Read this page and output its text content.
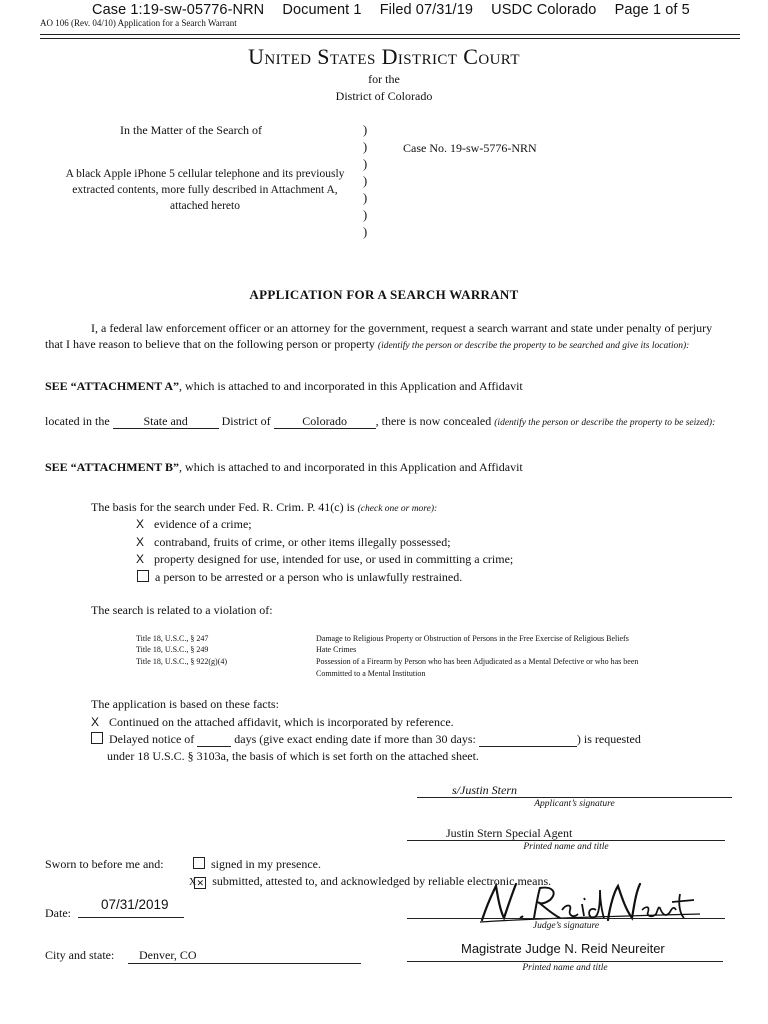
Case 1:19-sw-05776-NRN Document 1 Filed 07/31/19 USDC Colorado Page 1 of 5
AO 106 (Rev. 04/10) Application for a Search Warrant
United States District Court
for the
District of Colorado
In the Matter of the Search of
A black Apple iPhone 5 cellular telephone and its previously extracted contents, more fully described in Attachment A, attached hereto
)
)
)
)
)
)
)
Case No. 19-sw-5776-NRN
APPLICATION FOR A SEARCH WARRANT
I, a federal law enforcement officer or an attorney for the government, request a search warrant and state under penalty of perjury that I have reason to believe that on the following person or property (identify the person or describe the property to be searched and give its location):
SEE “ATTACHMENT A”, which is attached to and incorporated in this Application and Affidavit
located in the	State and	District of	Colorado , there is now concealed (identify the person or describe the property to be seized):
SEE “ATTACHMENT B”, which is attached to and incorporated in this Application and Affidavit
The basis for the search under Fed. R. Crim. P. 41(c) is (check one or more):
X evidence of a crime;
X contraband, fruits of crime, or other items illegally possessed;
X property designed for use, intended for use, or used in committing a crime;
a person to be arrested or a person who is unlawfully restrained.
The search is related to a violation of:
Title 18, U.S.C., § 247	Damage to Religious Property or Obstruction of Persons in the Free Exercise of Religious Beliefs
Title 18, U.S.C., § 249	Hate Crimes
Title 18, U.S.C., § 922(g)(4)	Possession of a Firearm by Person who has been Adjudicated as a Mental Defective or who has been
Committed to a Mental Institution
The application is based on these facts:
X Continued on the attached affidavit, which is incorporated by reference.
Delayed notice of	days (give exact ending date if more than 30 days:	) is requested
under 18 U.S.C. § 3103a, the basis of which is set forth on the attached sheet.
s/Justin Stern
Applicant’s signature
Justin Stern Special Agent
Printed name and title
Sworn to before me and:	signed in my presence.
X✕ submitted, attested to, and acknowledged by reliable electronic means.
Date:
07/31/2019
Judge’s signature
Magistrate Judge N. Reid Neureiter
Printed name and title
City and state: Denver, CO
